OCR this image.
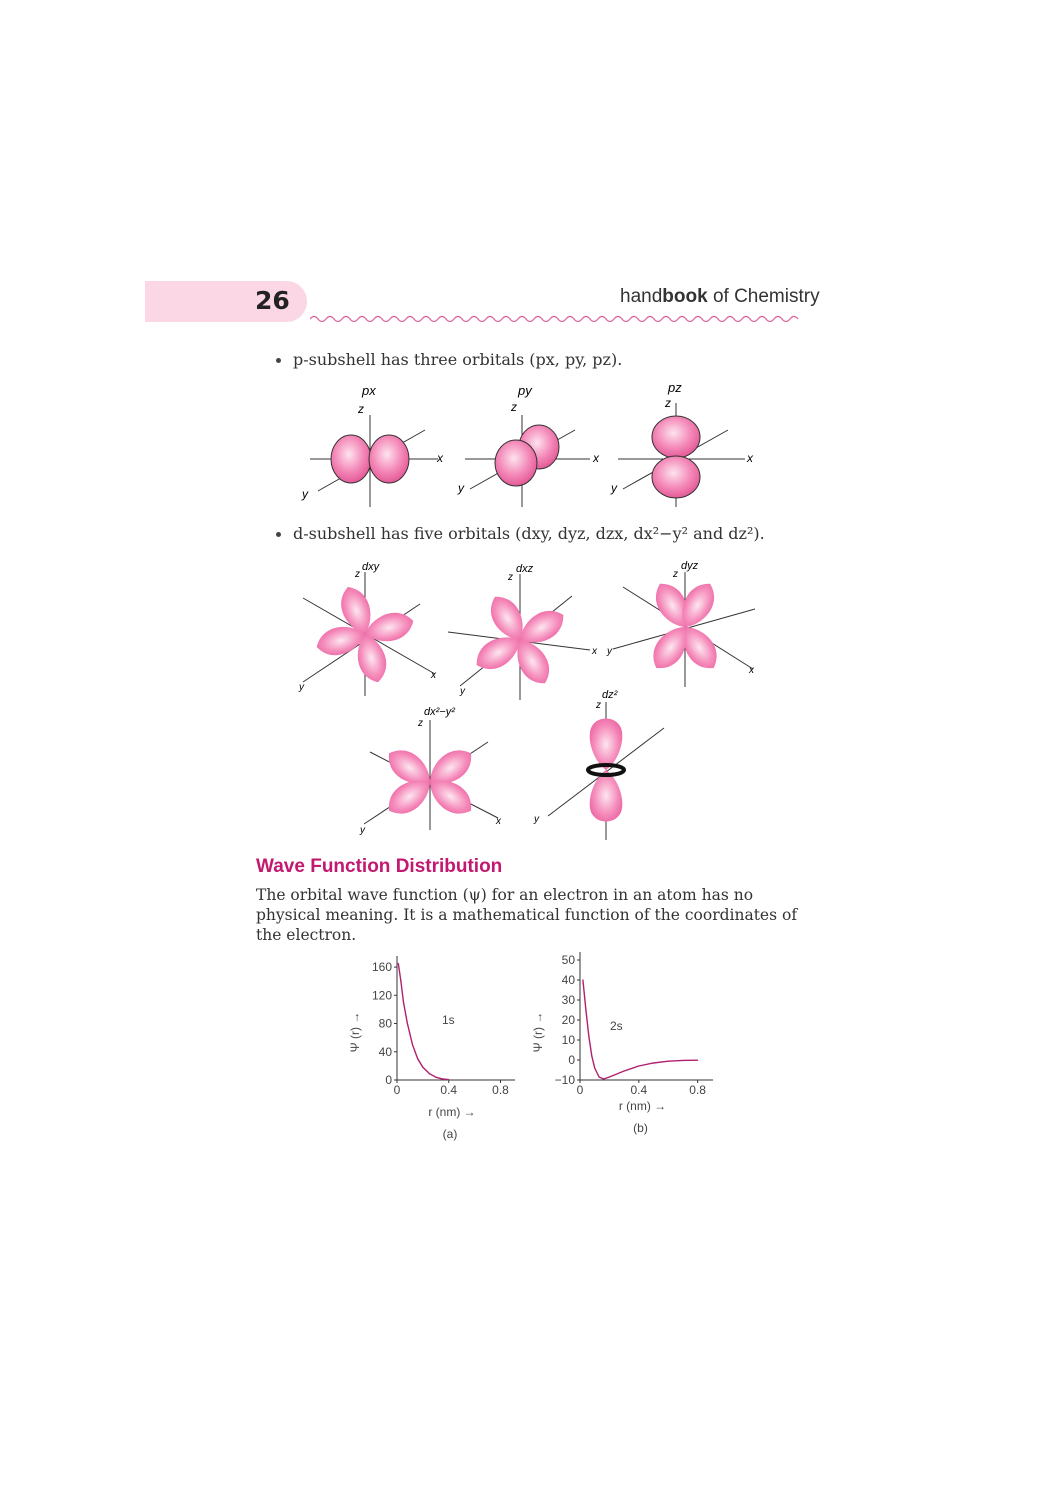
26	handbook of Chemistry
p-subshell has three orbitals (px, py, pz).
px
z
x
y
py
z
x
y
pz
z
x
y
d-subshell has five orbitals (dxy, dyz, dzx, dx²−y² and dz²).
dxy
z
x
y
dxz
z
x
y
dyz
z
x
y
dx²−y²
z
x
y
dz²
z
y
Wave Function Distribution
The orbital wave function (ψ) for an electron in an atom has no physical meaning. It is a mathematical function of the coordinates of the electron.
0
40
80
120
160
0	0.4	0.8
1s
Ψ (r) →
r (nm) →
(a)
−10
0
10
20
30
40
50
0	0.4	0.8
2s
Ψ (r) →
r (nm) →
(b)
